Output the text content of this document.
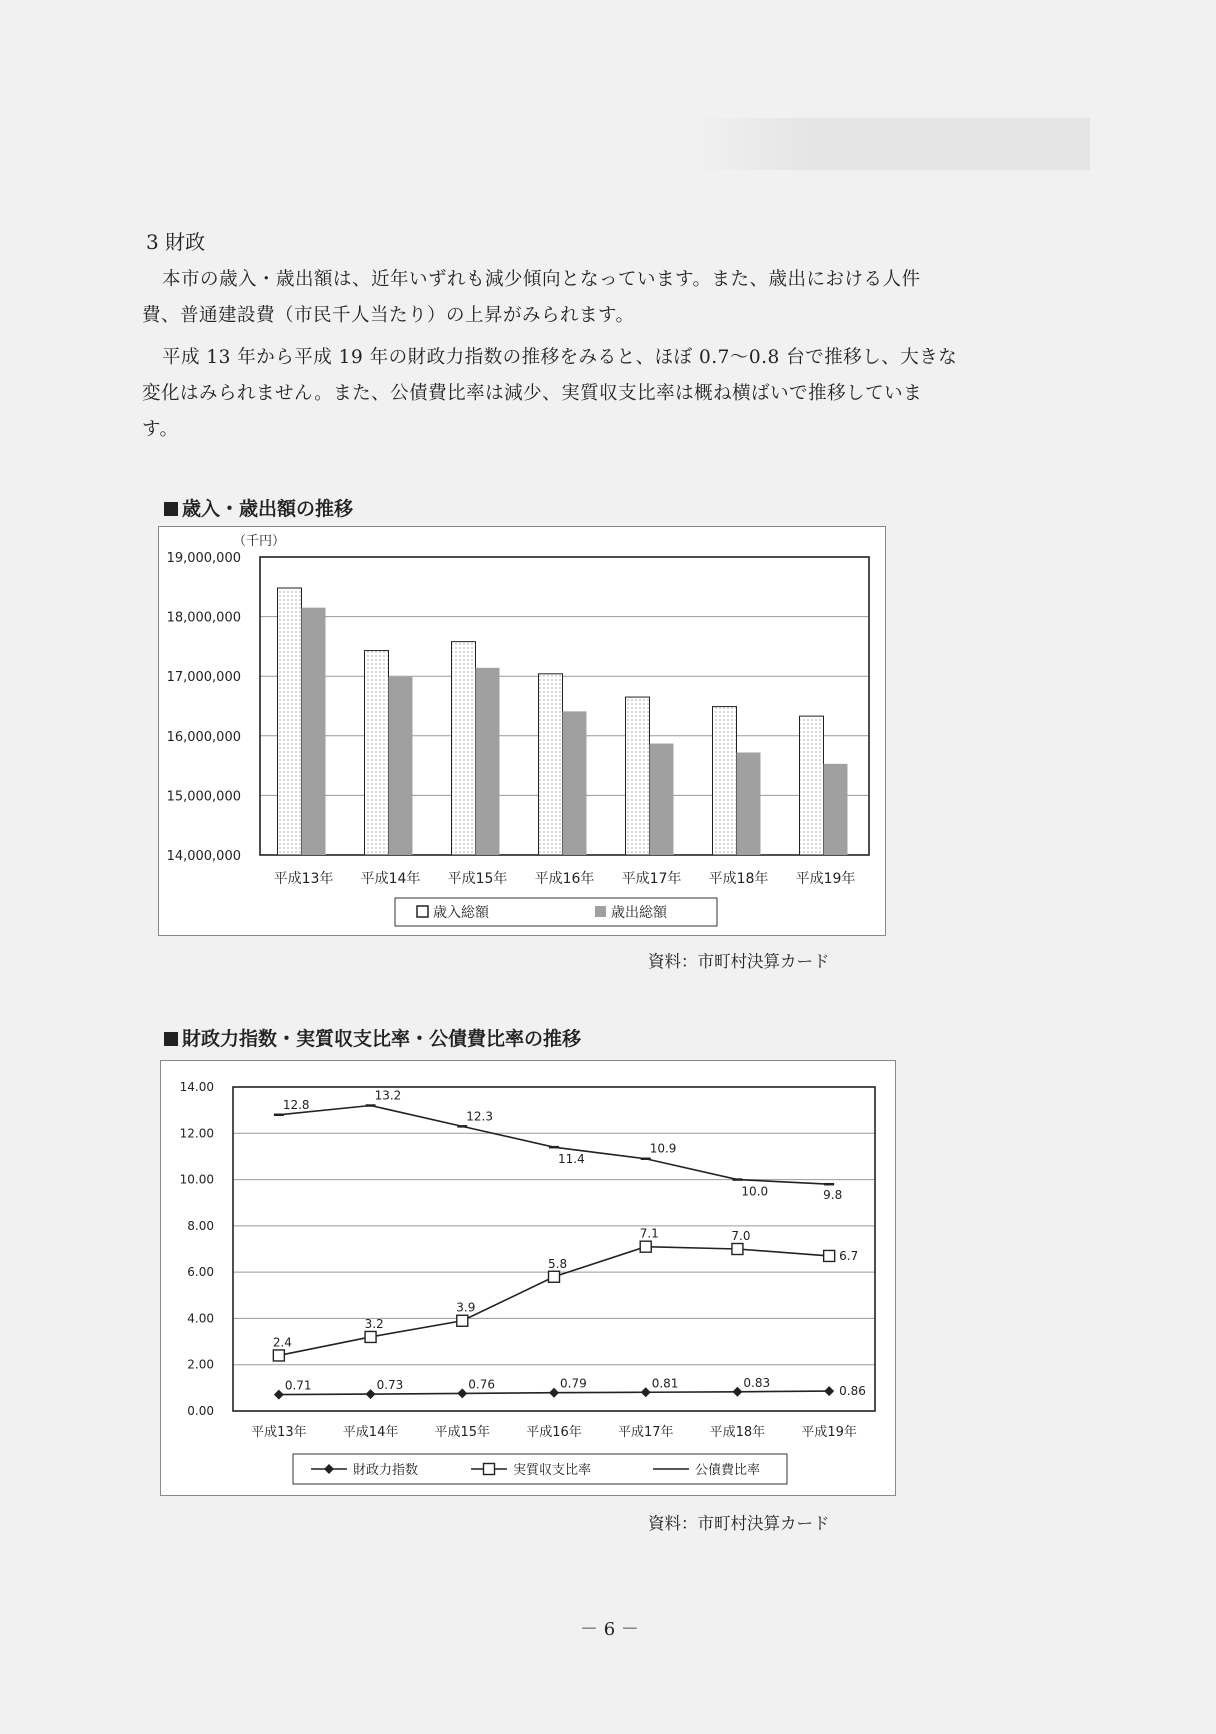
3 財政
本市の歳入・歳出額は、近年いずれも減少傾向となっています。また、歳出における人件
費、普通建設費（市民千人当たり）の上昇がみられます。
平成 13 年から平成 19 年の財政力指数の推移をみると、ほぼ 0.7～0.8 台で推移し、大きな
変化はみられません。また、公債費比率は減少、実質収支比率は概ね横ばいで推移していま
す。
歳入・歳出額の推移
14,000,000
15,000,000
16,000,000
17,000,000
18,000,000
19,000,000
（千円）
平成13年 平成14年 平成15年 平成16年 平成17年 平成18年 平成19年
歳入総額	歳出総額
資料：市町村決算カード
財政力指数・実質収支比率・公債費比率の推移
0.00
2.00
4.00
6.00
8.00
10.00
12.00
14.00
平成13年	平成14年	平成15年	平成16年	平成17年	平成18年	平成19年
0.71	0.73	0.76	0.79	0.81	0.83
0.86
2.4
3.2
3.9
5.8
7.1	7.0
6.7
12.8
13.2
12.3
11.4
10.9
10.0	9.8
財政力指数	実質収支比率	公債費比率
資料：市町村決算カード
－ 6 －
